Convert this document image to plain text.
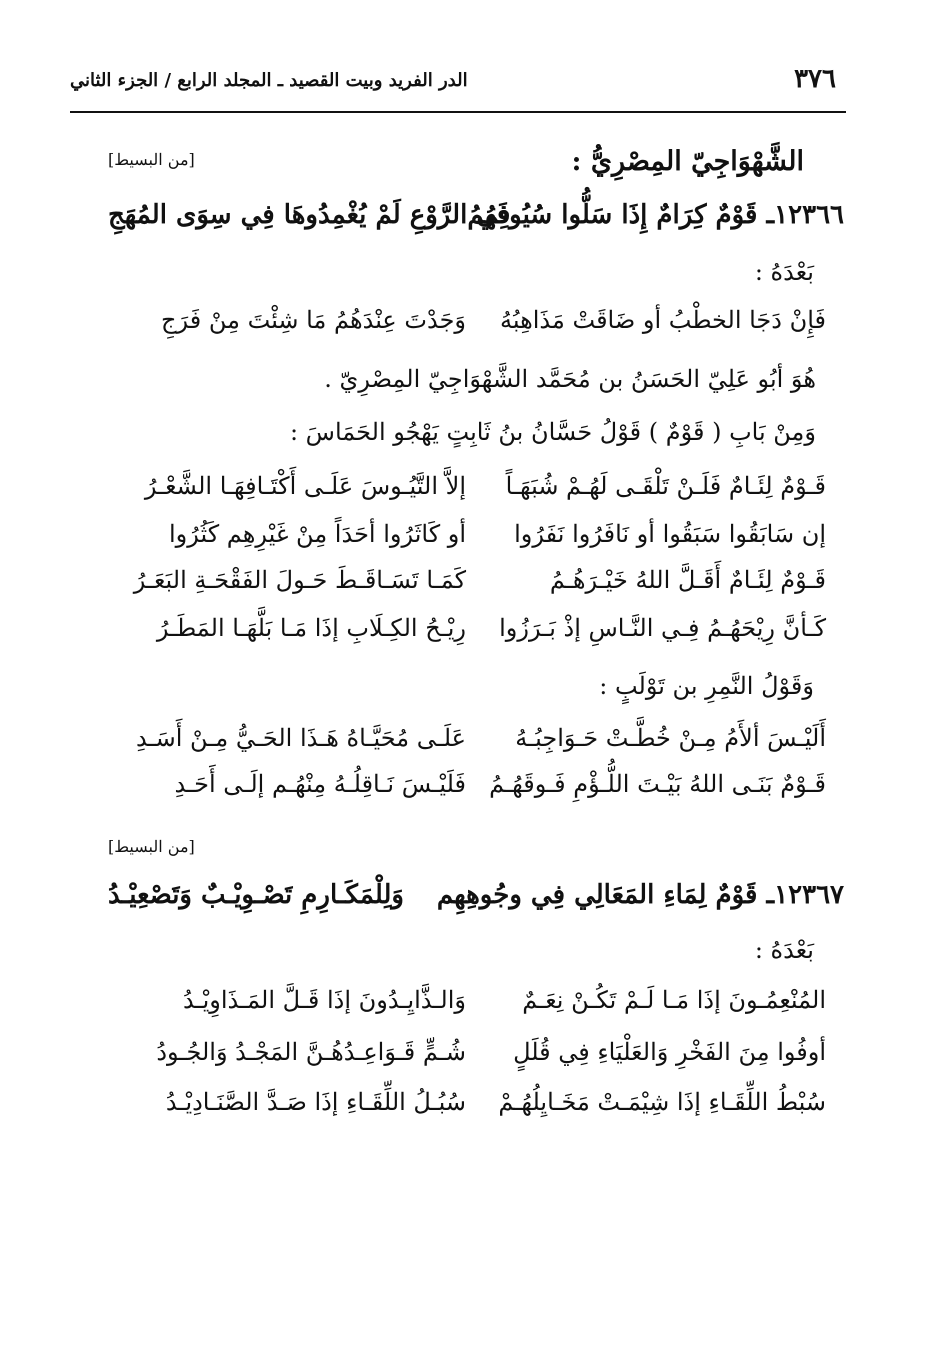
٣٧٦
الدر الفريد وبيت القصيد ـ المجلد الرابع / الجزء الثاني
الشَّهْوَاجِيّ المِصْرِيُّ :
[من البسيط]
١٢٣٦٦ـ قَوْمٌ كِرَامٌ إِذَا سَلُّوا سُيُوفَهُمُ
فِي الرَّوْعِ لَمْ يُغْمِدُوهَا فِي سِوَى المُهَجِ
بَعْدَهُ :
فَإِنْ دَجَا الخطْبُ أو ضَاقَتْ مَذَاهِبُهُ
وَجَدْتَ عِنْدَهُمُ مَا شِئْتَ مِنْ فَرَجِ
هُوَ أبُو عَلِيّ الحَسَنُ بن مُحَمَّد الشَّهْوَاجِيّ المِصْرِيّ .
وَمِنْ بَابِ ( قَوْمٌ ) قَوْلُ حَسَّانُ بنُ ثَابِتٍ يَهْجُو الحَمَاسَ :
قَـوْمٌ لِئَـامٌ فَلَـنْ تَلْقَـى لَهُـمْ شُبَهَـاً
إلاَّ التَّيُـوسَ عَلَـى أَكْتَـافِهَـا الشَّعْـرُ
إن سَابَقُوا سَبَقُوا أو نَافَرُوا نَفَرُوا
أو كَاثَرُوا أحَدَاً مِنْ غَيْرِهِم كَثُرُوا
قَـوْمٌ لِئَـامٌ أَقَـلَّ اللهُ خَيْـرَهُـمُ
كَمَـا تَسَـاقَـطَ حَـولَ الفَقْحَـةِ البَعَـرُ
كَـأنَّ رِيْحَهُـمُ فِـي النَّـاسِ إذْ بَـرَزُوا
رِيْـحُ الكِـلَابِ إذَا مَـا بَلَّهَـا المَطَـرُ
وَقَوْلُ النَّمِرِ بن تَوْلَبٍ :
أَلَيْـسَ ألأَمُ مِـنْ خُطَّـتْ حَـوَاجِبُـهُ
عَلَـى مُحَيَّـاهُ هَـذَا الحَـيُّ مِـنْ أَسَـدِ
قَـوْمٌ بَنَـى اللهُ بَيْـتَ اللُّـؤْمِ فَـوقَهُـمُ
فَلَيْـسَ نَـاقِلُـهُ مِنْهُـم إلَـى أَحَـدِ
[من البسيط]
١٢٣٦٧ـ قَوْمٌ لِمَاءِ المَعَالِي فِي وجُوهِهِم
وَلِلْمَكَـارِمِ تَصْـوِيْـبٌ وَتَصْعِيْـدُ
بَعْدَهُ :
المُنْعِمُـونَ إذَا مَـا لَـمْ تَكُـنْ نِعَـمٌ
وَالـذَّايِـدُونَ إذَا قَـلَّ المَـذَاوِيْـدُ
أوفُوا مِنَ الفَخْرِ وَالعَلْيَاءِ فِي قُلَلٍ
شُـمٍّ قَـوَاعِـدُهُـنَّ المَجْـدُ وَالجُـودُ
سُبْطُ اللِّقَـاءِ إذَا شِيْمَـتْ مَخَـايِلُهُـمْ
سُبُـلُ اللِّقَـاءِ إذَا صَـدَّ الصَّنَـادِيْـدُ
